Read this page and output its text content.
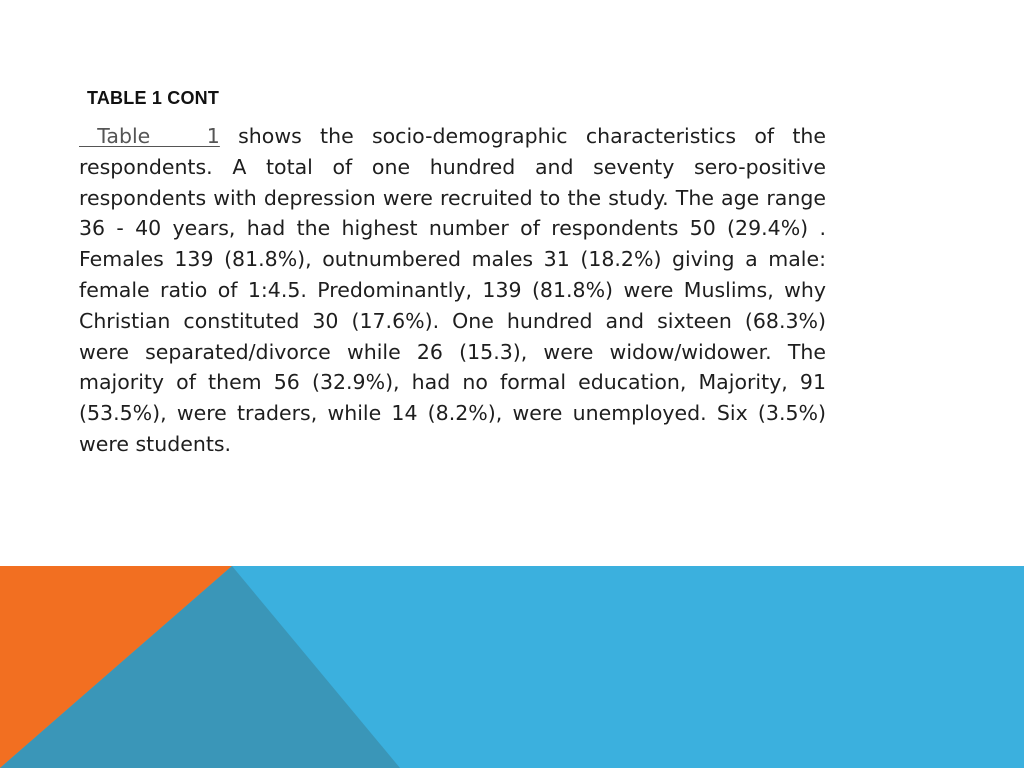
TABLE 1 CONT

Table  1 shows the socio-demographic characteristics of the respondents. A total of one hundred and seventy sero-positive respondents with depression were recruited to the study. The age range 36 - 40 years, had the highest number of respondents 50 (29.4%) . Females 139 (81.8%), outnumbered males 31 (18.2%) giving a male: female ratio of 1:4.5. Predominantly, 139 (81.8%) were Muslims, why Christian constituted 30 (17.6%). One hundred and sixteen (68.3%) were separated/divorce while 26 (15.3), were widow/widower. The majority of them 56 (32.9%), had no formal education, Majority, 91 (53.5%), were traders, while 14 (8.2%), were unemployed. Six (3.5%) were students.
